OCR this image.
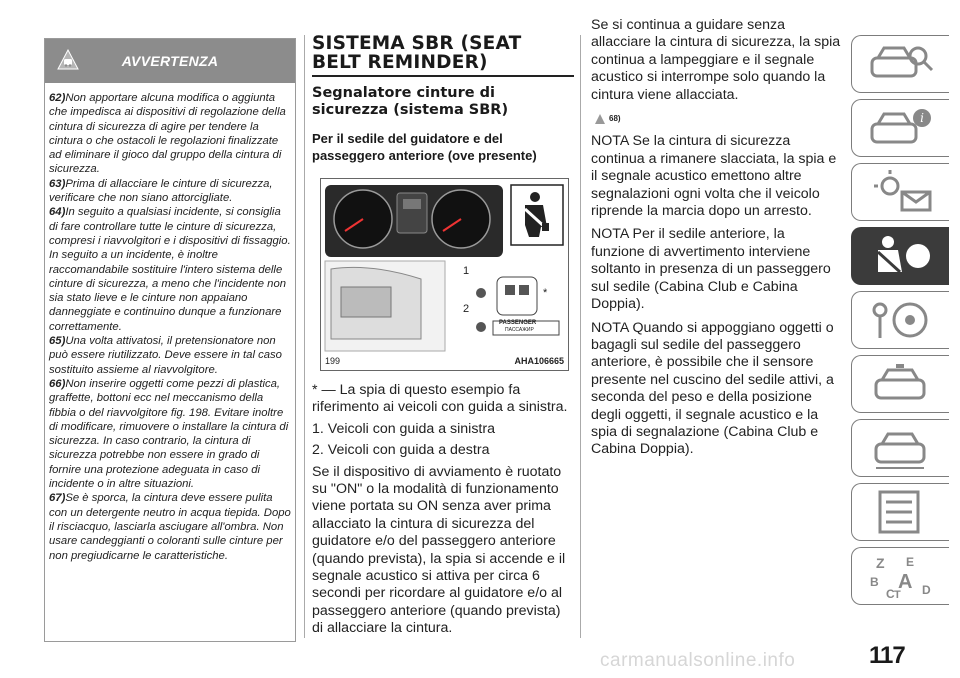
AVVERTENZA

62)Non apportare alcuna modifica o aggiunta che impedisca ai dispositivi di regolazione della cintura di sicurezza di agire per tendere la cintura o che ostacoli le regolazioni finalizzate ad eliminare il gioco dal gruppo della cintura di sicurezza.

63)Prima di allacciare le cinture di sicurezza, verificare che non siano attorcigliate.

64)In seguito a qualsiasi incidente, si consiglia di fare controllare tutte le cinture di sicurezza, compresi i riavvolgitori e i dispositivi di fissaggio. In seguito a un incidente, è inoltre raccomandabile sostituire l'intero sistema delle cinture di sicurezza, a meno che l'incidente non sia stato lieve e le cinture non appaiano danneggiate e continuino dunque a funzionare correttamente.

65)Una volta attivatosi, il pretensionatore non può essere riutilizzato. Deve essere in tal caso sostituito assieme al riavvolgitore.

66)Non inserire oggetti come pezzi di plastica, graffette, bottoni ecc nel meccanismo della fibbia o del riavvolgitore fig. 198. Evitare inoltre di modificare, rimuovere o installare la cintura di sicurezza. In caso contrario, la cintura di sicurezza potrebbe non essere in grado di fornire una protezione adeguata in caso di incidente o in altre situazioni.

67)Se è sporca, la cintura deve essere pulita con un detergente neutro in acqua tiepida. Dopo il risciacquo, lasciarla asciugare all'ombra. Non usare candeggianti o coloranti sulle cinture per non pregiudicarne le caratteristiche.

SISTEMA SBR (SEAT BELT REMINDER)
Segnalatore cinture di sicurezza (sistema SBR)
Per il sedile del guidatore e del passeggero anteriore (ove presente)
1
2
*
PASSENGER
ПАССАЖИР
199	AHA106665

* — La spia di questo esempio fa riferimento ai veicoli con guida a sinistra.

1. Veicoli con guida a sinistra

2. Veicoli con guida a destra

Se il dispositivo di avviamento è ruotato su "ON" o la modalità di funzionamento viene portata su ON senza aver prima allacciato la cintura di sicurezza del guidatore e/o del passeggero anteriore (quando prevista), la spia si accende e il segnale acustico si attiva per circa 6 secondi per ricordare al guidatore e/o al passeggero anteriore (quando prevista) di allacciare la cintura.

Se si continua a guidare senza allacciare la cintura di sicurezza, la spia continua a lampeggiare e il segnale acustico si interrompe solo quando la cintura viene allacciata.

68)

NOTA Se la cintura di sicurezza continua a rimanere slacciata, la spia e il segnale acustico emettono altre segnalazioni ogni volta che il veicolo riprende la marcia dopo un arresto.

NOTA Per il sedile anteriore, la funzione di avvertimento interviene soltanto in presenza di un passeggero sul sedile (Cabina Club e Cabina Doppia).

NOTA Quando si appoggiano oggetti o bagagli sul sedile del passeggero anteriore, è possibile che il sensore presente nel cuscino del sedile attivi, a seconda del peso e della posizione degli oggetti, il segnale acustico e la spia di segnalazione (Cabina Club e Cabina Doppia).

i
Z E
B A
C T D
carmanualsonline.info	117
